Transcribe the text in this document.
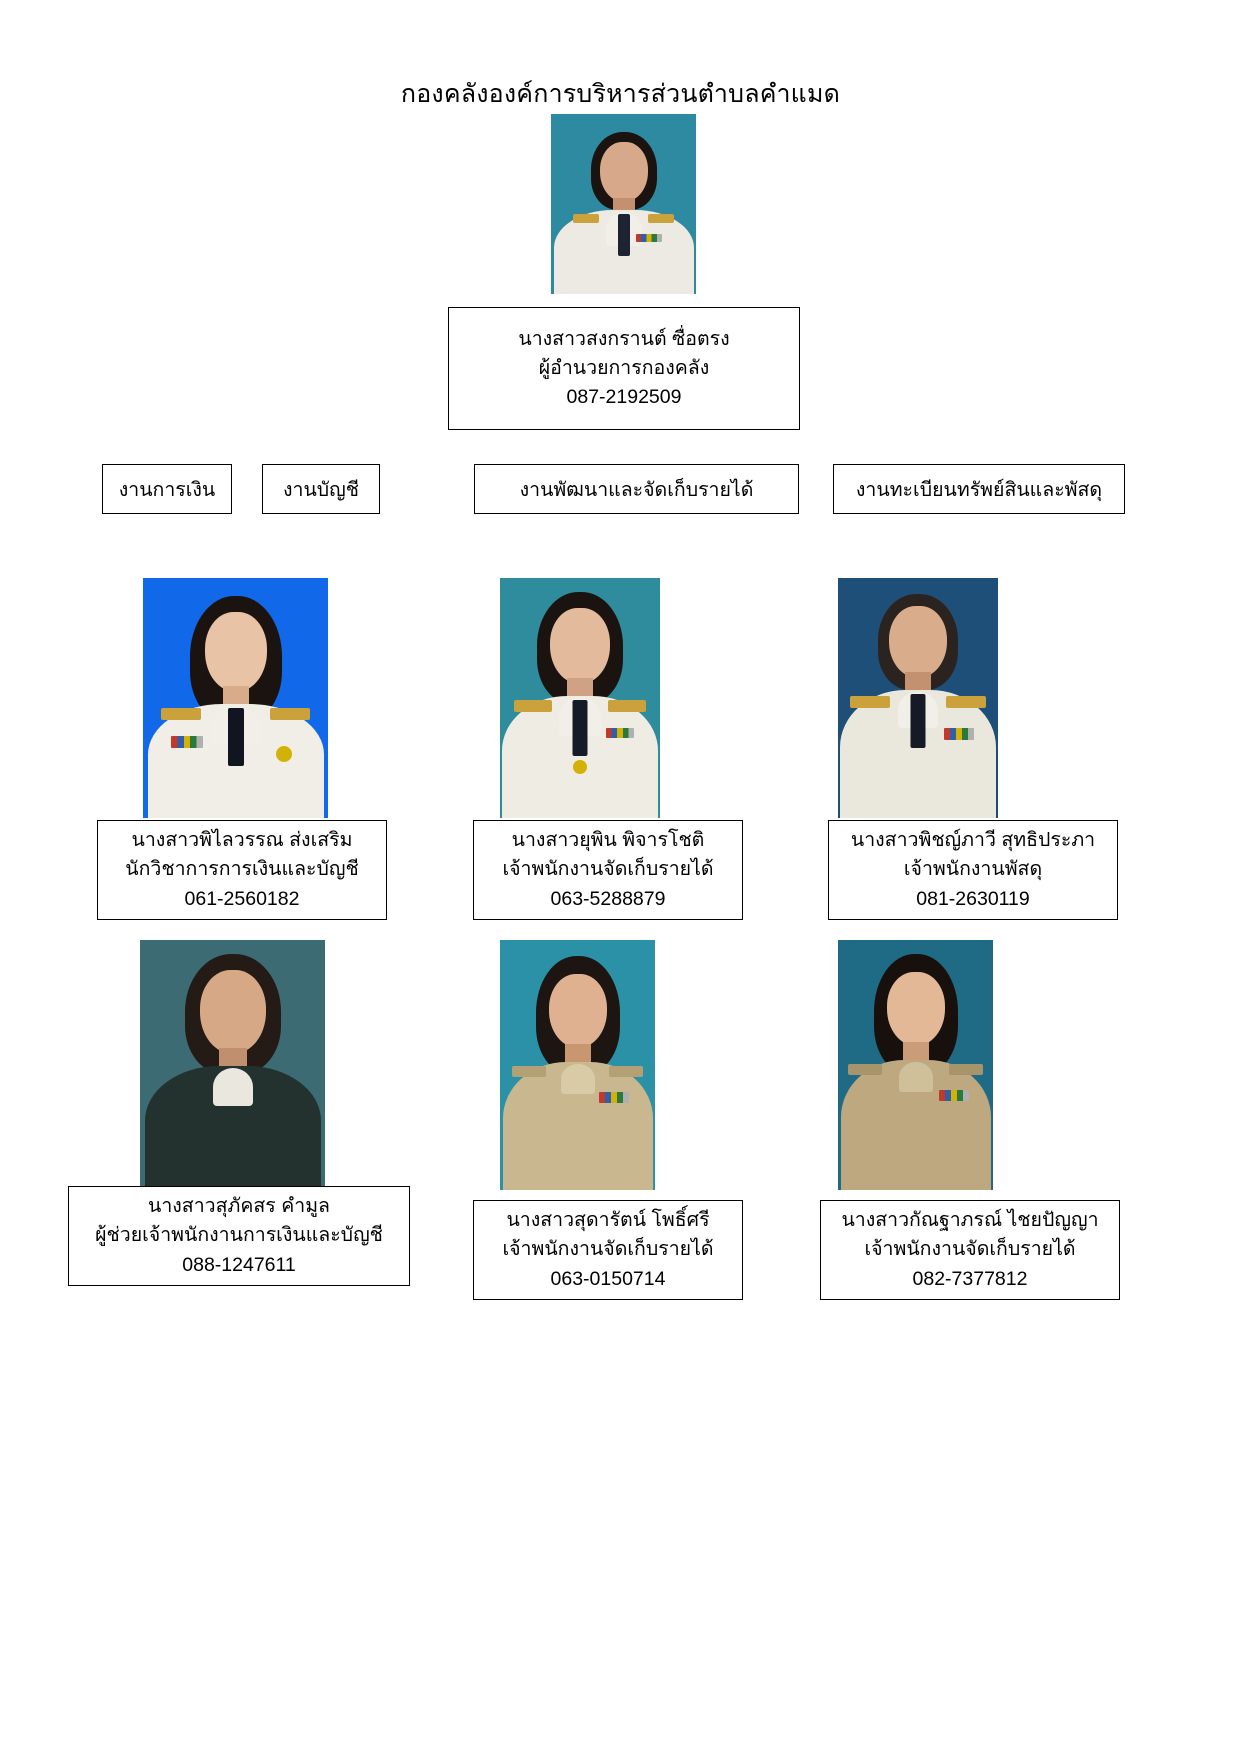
กองคลังองค์การบริหารส่วนตำบลคำแมด
นางสาวสงกรานต์ ซื่อตรง
ผู้อำนวยการกองคลัง
087-2192509
งานการเงิน	งานบัญชี	งานพัฒนาและจัดเก็บรายได้	งานทะเบียนทรัพย์สินและพัสดุ
นางสาวพิไลวรรณ ส่งเสริม
นักวิชาการการเงินและบัญชี
061-2560182
นางสาวยุพิน พิจารโชติ
เจ้าพนักงานจัดเก็บรายได้
063-5288879
นางสาวพิชญ์ภาวี สุทธิประภา
เจ้าพนักงานพัสดุ
081-2630119
นางสาวสุภัคสร คำมูล
ผู้ช่วยเจ้าพนักงานการเงินและบัญชี
088-1247611
นางสาวสุดารัตน์ โพธิ์ศรี
เจ้าพนักงานจัดเก็บรายได้
063-0150714
นางสาวกัณฐาภรณ์ ไชยปัญญา
เจ้าพนักงานจัดเก็บรายได้
082-7377812
